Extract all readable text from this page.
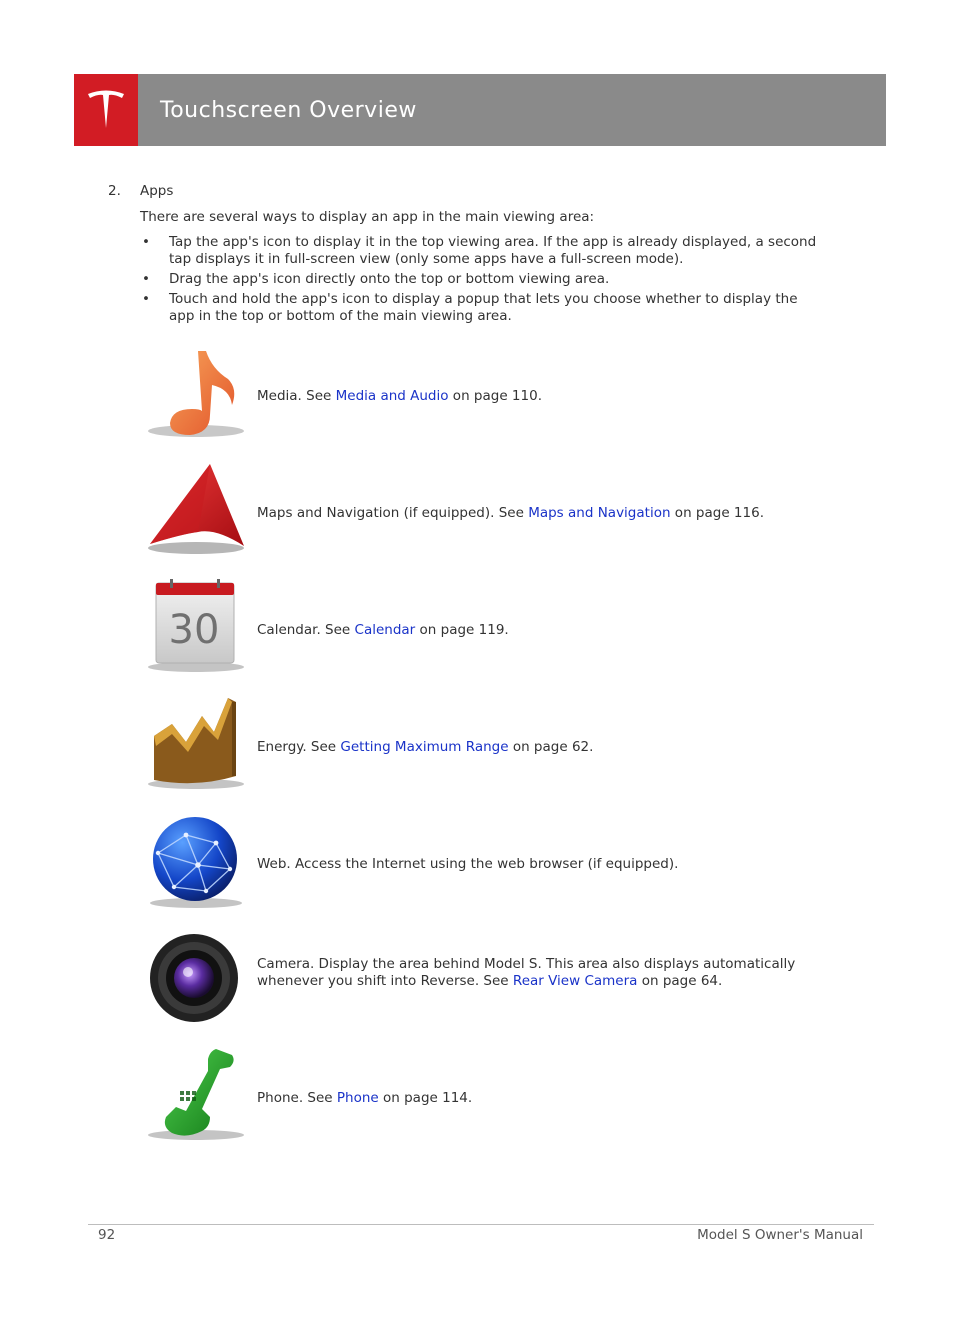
Touchscreen Overview
2. Apps
There are several ways to display an app in the main viewing area:
• Tap the app's icon to display it in the top viewing area. If the app is already displayed, a second tap displays it in full-screen view (only some apps have a full-screen mode).
• Drag the app's icon directly onto the top or bottom viewing area.
• Touch and hold the app's icon to display a popup that lets you choose whether to display the app in the top or bottom of the main viewing area.
Media. See Media and Audio on page 110.
Maps and Navigation (if equipped). See Maps and Navigation on page 116.
30	Calendar. See Calendar on page 119.
Energy. See Getting Maximum Range on page 62.
Web. Access the Internet using the web browser (if equipped).
Camera. Display the area behind Model S. This area also displays automatically whenever you shift into Reverse. See Rear View Camera on page 64.
Phone. See Phone on page 114.
92	Model S Owner's Manual
